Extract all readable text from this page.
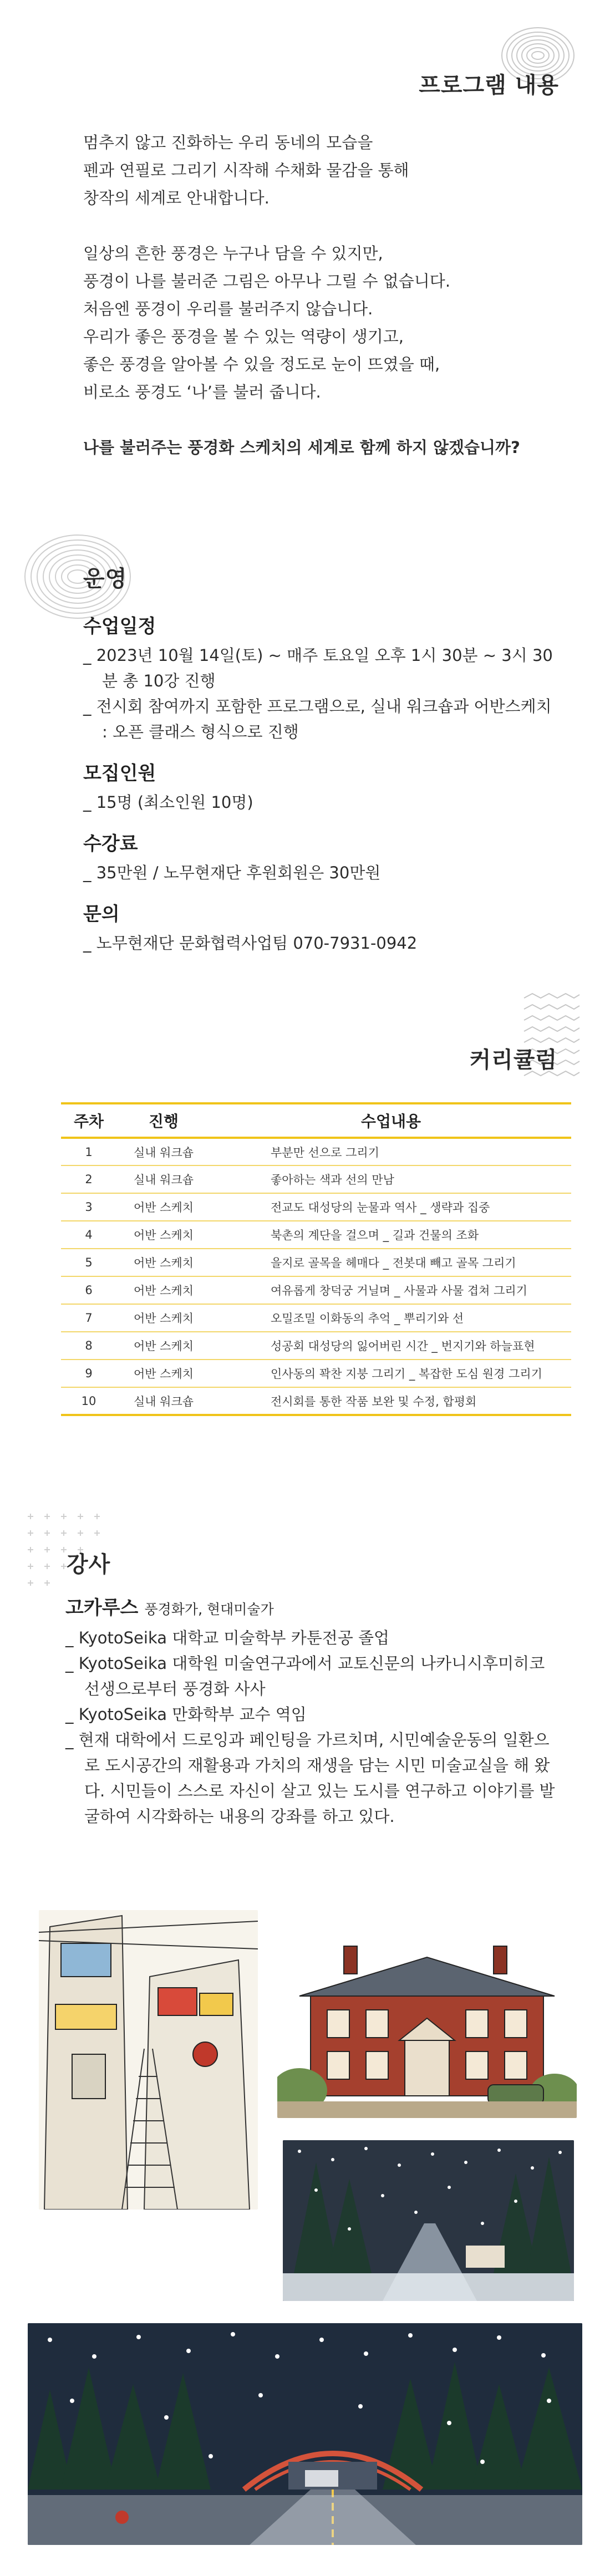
프로그램 내용

멈추지 않고 진화하는 우리 동네의 모습을
펜과 연필로 그리기 시작해 수채화 물감을 통해
창작의 세계로 안내합니다.

일상의 흔한 풍경은 누구나 담을 수 있지만,
풍경이 나를 불러준 그림은 아무나 그릴 수 없습니다.
처음엔 풍경이 우리를 불러주지 않습니다.
우리가 좋은 풍경을 볼 수 있는 역량이 생기고,
좋은 풍경을 알아볼 수 있을 정도로 눈이 뜨였을 때,
비로소 풍경도 ‘나’를 불러 줍니다.

나를 불러주는 풍경화 스케치의 세계로 함께 하지 않겠습니까?

운영
수업일정
_ 2023년 10월 14일(토) ~ 매주 토요일 오후 1시 30분 ~ 3시 30분 총 10강 진행
_ 전시회 참여까지 포함한 프로그램으로, 실내 워크숍과 어반스케치 : 오픈 클래스 형식으로 진행
모집인원
_ 15명 (최소인원 10명)
수강료
_ 35만원 / 노무현재단 후원회원은 30만원
문의
_ 노무현재단 문화협력사업팀 070-7931-0942
커리큘럼
주차	진행	수업내용
1	실내 워크숍	부분만 선으로 그리기
2	실내 워크숍	좋아하는 색과 선의 만남
3	어반 스케치	전교도 대성당의 눈물과 역사 _ 생략과 집중
4	어반 스케치	북촌의 계단을 걸으며 _ 길과 건물의 조화
5	어반 스케치	을지로 골목을 헤매다 _ 전봇대 빼고 골목 그리기
6	어반 스케치	여유롭게 창덕궁 거닐며 _ 사물과 사물 겹쳐 그리기
7	어반 스케치	오밀조밀 이화동의 추억 _ 뿌리기와 선
8	어반 스케치	성공회 대성당의 잃어버린 시간 _ 번지기와 하늘표현
9	어반 스케치	인사동의 꽉찬 지붕 그리기 _ 복잡한 도심 원경 그리기
10	실내 워크숍	전시회를 통한 작품 보완 및 수정, 합평회
강사
고카루스 풍경화가, 현대미술가
_ KyotoSeika 대학교 미술학부 카툰전공 졸업
_ KyotoSeika 대학원 미술연구과에서 교토신문의 나카니시후미히코 선생으로부터 풍경화 사사
_ KyotoSeika 만화학부 교수 역임
_ 현재 대학에서 드로잉과 페인팅을 가르치며, 시민예술운동의 일환으로 도시공간의 재활용과 가치의 재생을 담는 시민 미술교실을 해 왔다. 시민들이 스스로 자신이 살고 있는 도시를 연구하고 이야기를 발굴하여 시각화하는 내용의 강좌를 하고 있다.
